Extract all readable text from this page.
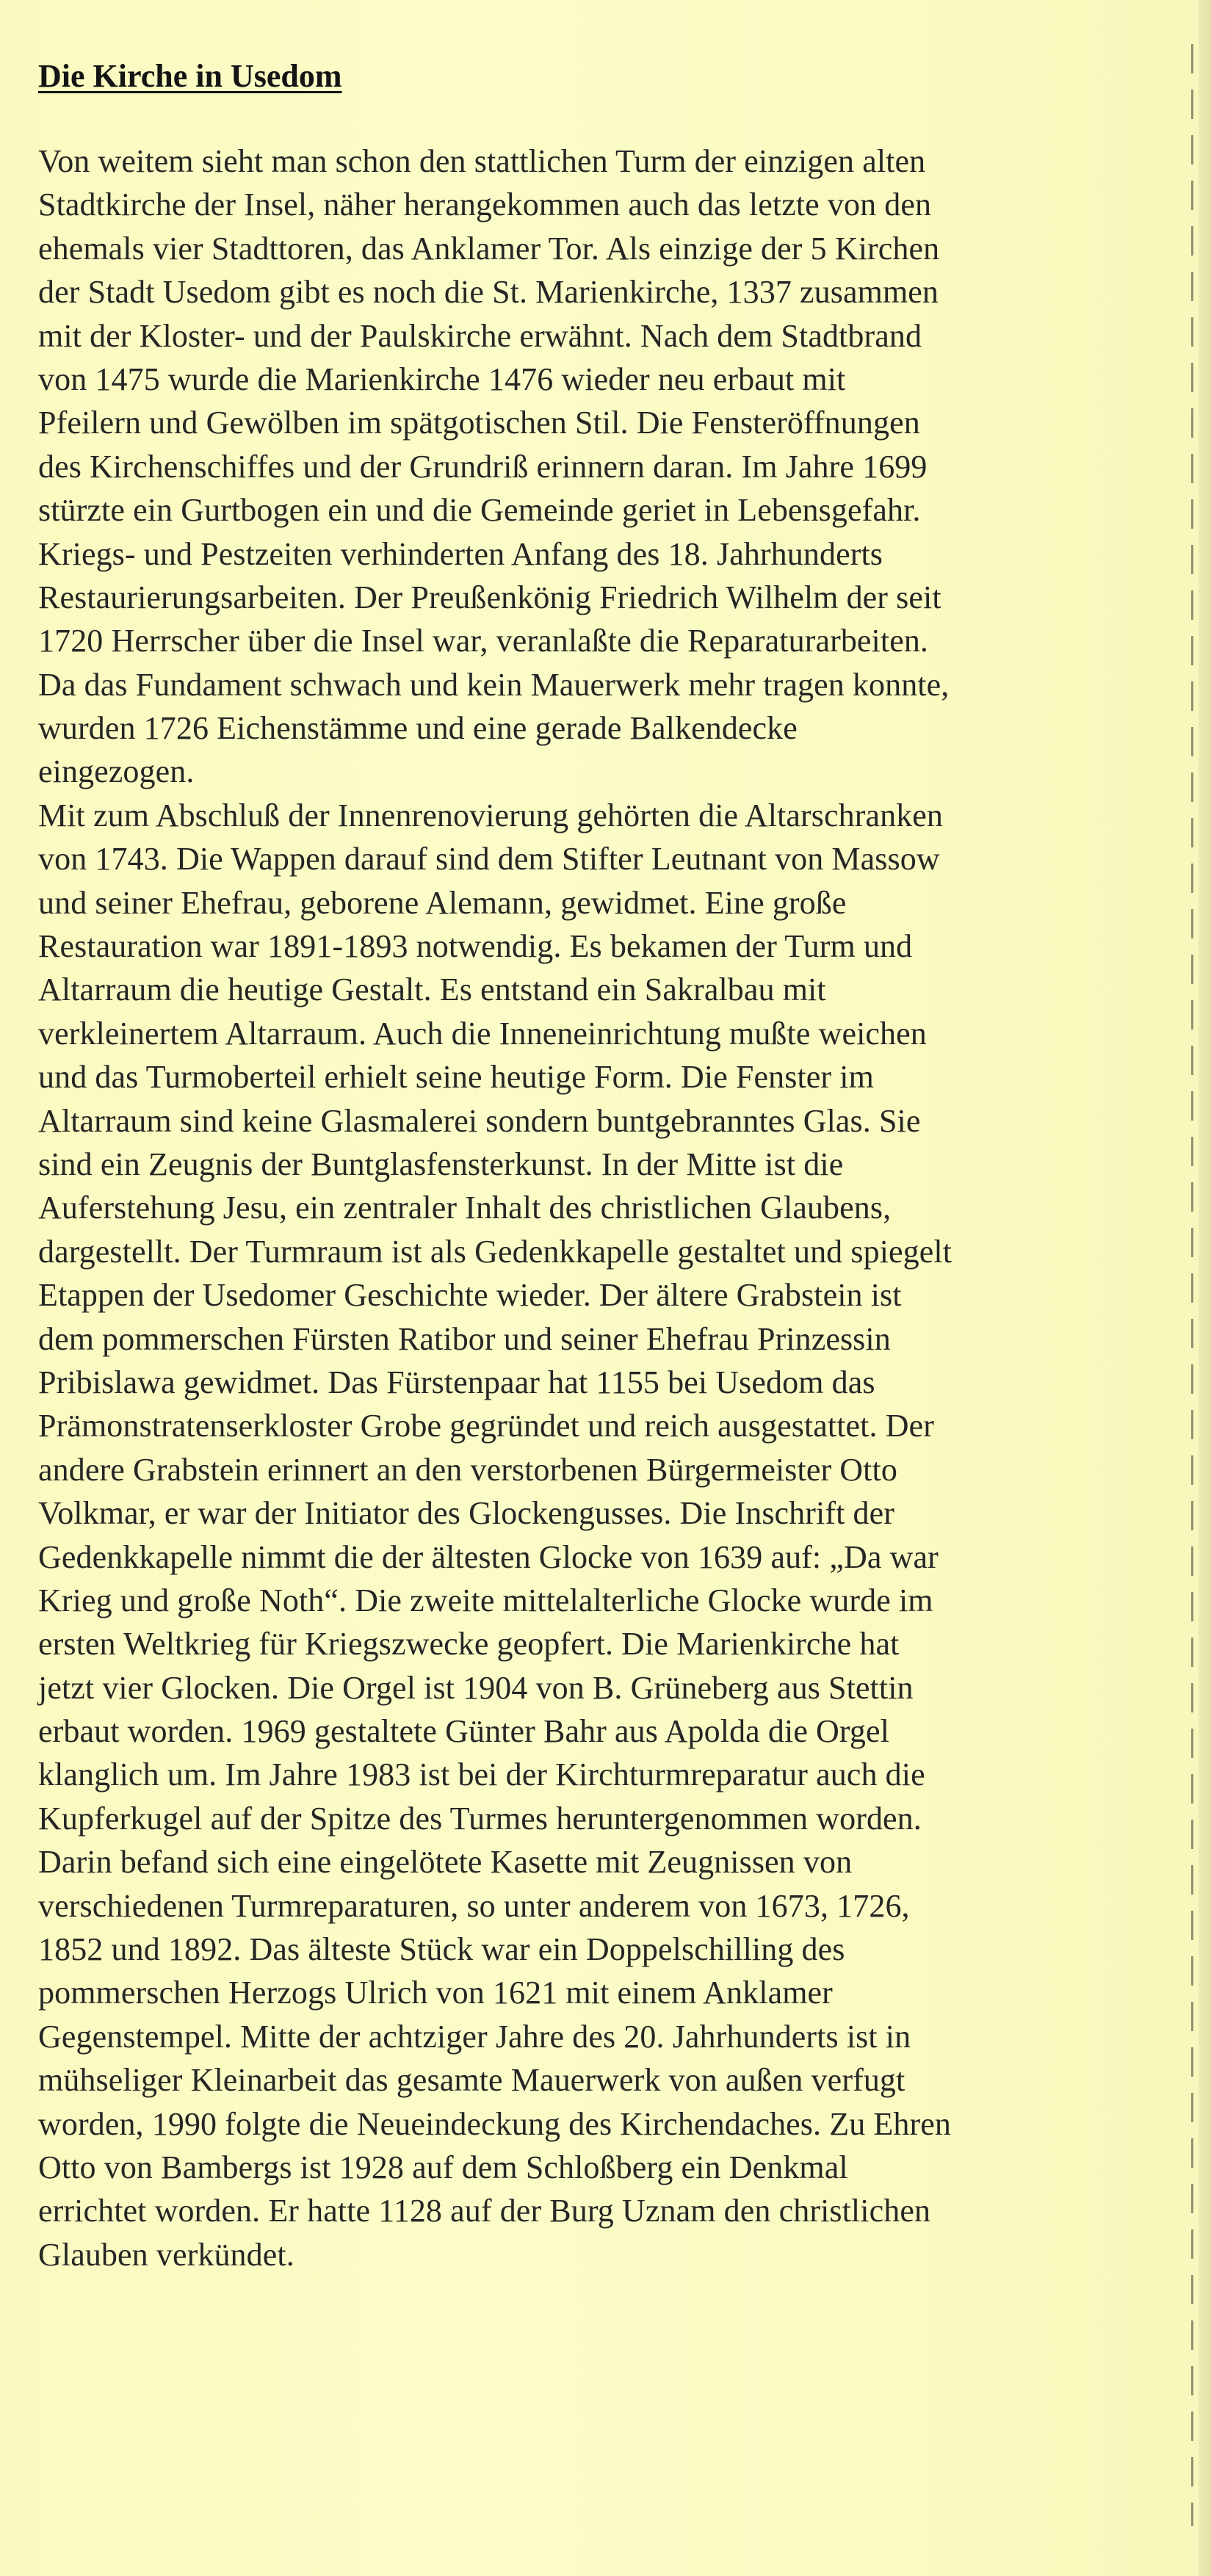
Die Kirche in Usedom
Von weitem sieht man schon den stattlichen Turm der einzigen alten
Stadtkirche der Insel, näher herangekommen auch das letzte von den
ehemals vier Stadttoren, das Anklamer Tor. Als einzige der 5 Kirchen
der Stadt Usedom gibt es noch die St. Marienkirche, 1337 zusammen
mit der Kloster- und der Paulskirche erwähnt. Nach dem Stadtbrand
von 1475 wurde die Marienkirche 1476 wieder neu erbaut mit
Pfeilern und Gewölben im spätgotischen Stil. Die Fensteröffnungen
des Kirchenschiffes und der Grundriß erinnern daran. Im Jahre 1699
stürzte ein Gurtbogen ein und die Gemeinde geriet in Lebensgefahr.
Kriegs- und Pestzeiten verhinderten Anfang des 18. Jahrhunderts
Restaurierungsarbeiten. Der Preußenkönig Friedrich Wilhelm der seit
1720 Herrscher über die Insel war, veranlaßte die Reparaturarbeiten.
Da das Fundament schwach und kein Mauerwerk mehr tragen konnte,
wurden 1726 Eichenstämme und eine gerade Balkendecke
eingezogen.
Mit zum Abschluß der Innenrenovierung gehörten die Altarschranken
von 1743. Die Wappen darauf sind dem Stifter Leutnant von Massow
und seiner Ehefrau, geborene Alemann, gewidmet. Eine große
Restauration war 1891-1893 notwendig. Es bekamen der Turm und
Altarraum die heutige Gestalt. Es entstand ein Sakralbau mit
verkleinertem Altarraum. Auch die Inneneinrichtung mußte weichen
und das Turmoberteil erhielt seine heutige Form. Die Fenster im
Altarraum sind keine Glasmalerei sondern buntgebranntes Glas. Sie
sind ein Zeugnis der Buntglasfensterkunst. In der Mitte ist die
Auferstehung Jesu, ein zentraler Inhalt des christlichen Glaubens,
dargestellt. Der Turmraum ist als Gedenkkapelle gestaltet und spiegelt
Etappen der Usedomer Geschichte wieder. Der ältere Grabstein ist
dem pommerschen Fürsten Ratibor und seiner Ehefrau Prinzessin
Pribislawa gewidmet. Das Fürstenpaar hat 1155 bei Usedom das
Prämonstratenserkloster Grobe gegründet und reich ausgestattet. Der
andere Grabstein erinnert an den verstorbenen Bürgermeister Otto
Volkmar, er war der Initiator des Glockengusses. Die Inschrift der
Gedenkkapelle nimmt die der ältesten Glocke von 1639 auf: „Da war
Krieg und große Noth“. Die zweite mittelalterliche Glocke wurde im
ersten Weltkrieg für Kriegszwecke geopfert. Die Marienkirche hat
jetzt vier Glocken. Die Orgel ist 1904 von B. Grüneberg aus Stettin
erbaut worden. 1969 gestaltete Günter Bahr aus Apolda die Orgel
klanglich um. Im Jahre 1983 ist bei der Kirchturmreparatur auch die
Kupferkugel auf der Spitze des Turmes heruntergenommen worden.
Darin befand sich eine eingelötete Kasette mit Zeugnissen von
verschiedenen Turmreparaturen, so unter anderem von 1673, 1726,
1852 und 1892. Das älteste Stück war ein Doppelschilling des
pommerschen Herzogs Ulrich von 1621 mit einem Anklamer
Gegenstempel. Mitte der achtziger Jahre des 20. Jahrhunderts ist in
mühseliger Kleinarbeit das gesamte Mauerwerk von außen verfugt
worden, 1990 folgte die Neueindeckung des Kirchendaches. Zu Ehren
Otto von Bambergs ist 1928 auf dem Schloßberg ein Denkmal
errichtet worden. Er hatte 1128 auf der Burg Uznam den christlichen
Glauben verkündet.
